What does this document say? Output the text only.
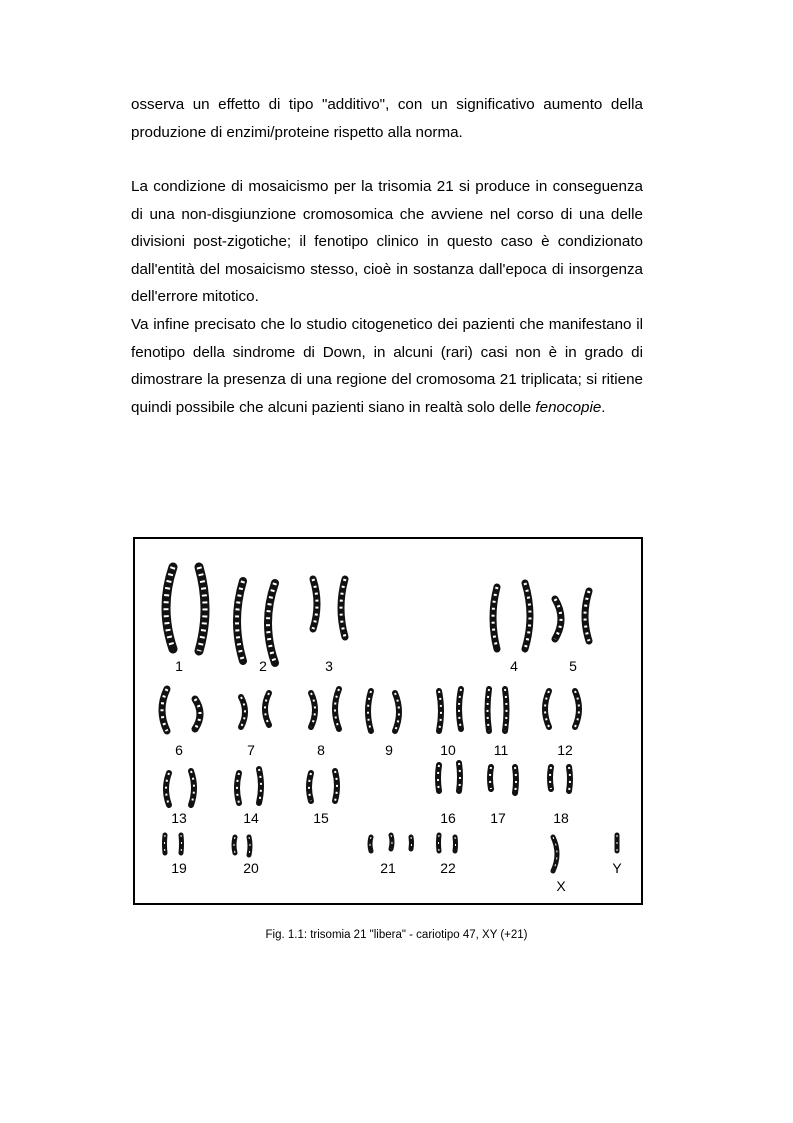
osserva un effetto di tipo "additivo", con un significativo aumento della produzione di enzimi/proteine rispetto alla norma.

La condizione di mosaicismo per la trisomia 21 si produce in conseguenza di una non-disgiunzione cromosomica che avviene nel corso di una delle divisioni post-zigotiche; il fenotipo clinico in questo caso è condizionato dall'entità del mosaicismo stesso, cioè in sostanza dall'epoca di insorgenza dell'errore mitotico.

Va infine precisato che lo studio citogenetico dei pazienti che manifestano il fenotipo della sindrome di Down, in alcuni (rari) casi non è in grado di dimostrare la presenza di una regione del cromosoma 21 triplicata; si ritiene quindi possibile che alcuni pazienti siano in realtà solo delle fenocopie.

1	2	3	4	5
6	7	8	9	10	11	12
13	14	15	16 17	18
19	20	21	22
X
Y
Fig. 1.1: trisomia 21 "libera" - cariotipo 47, XY (+21)
